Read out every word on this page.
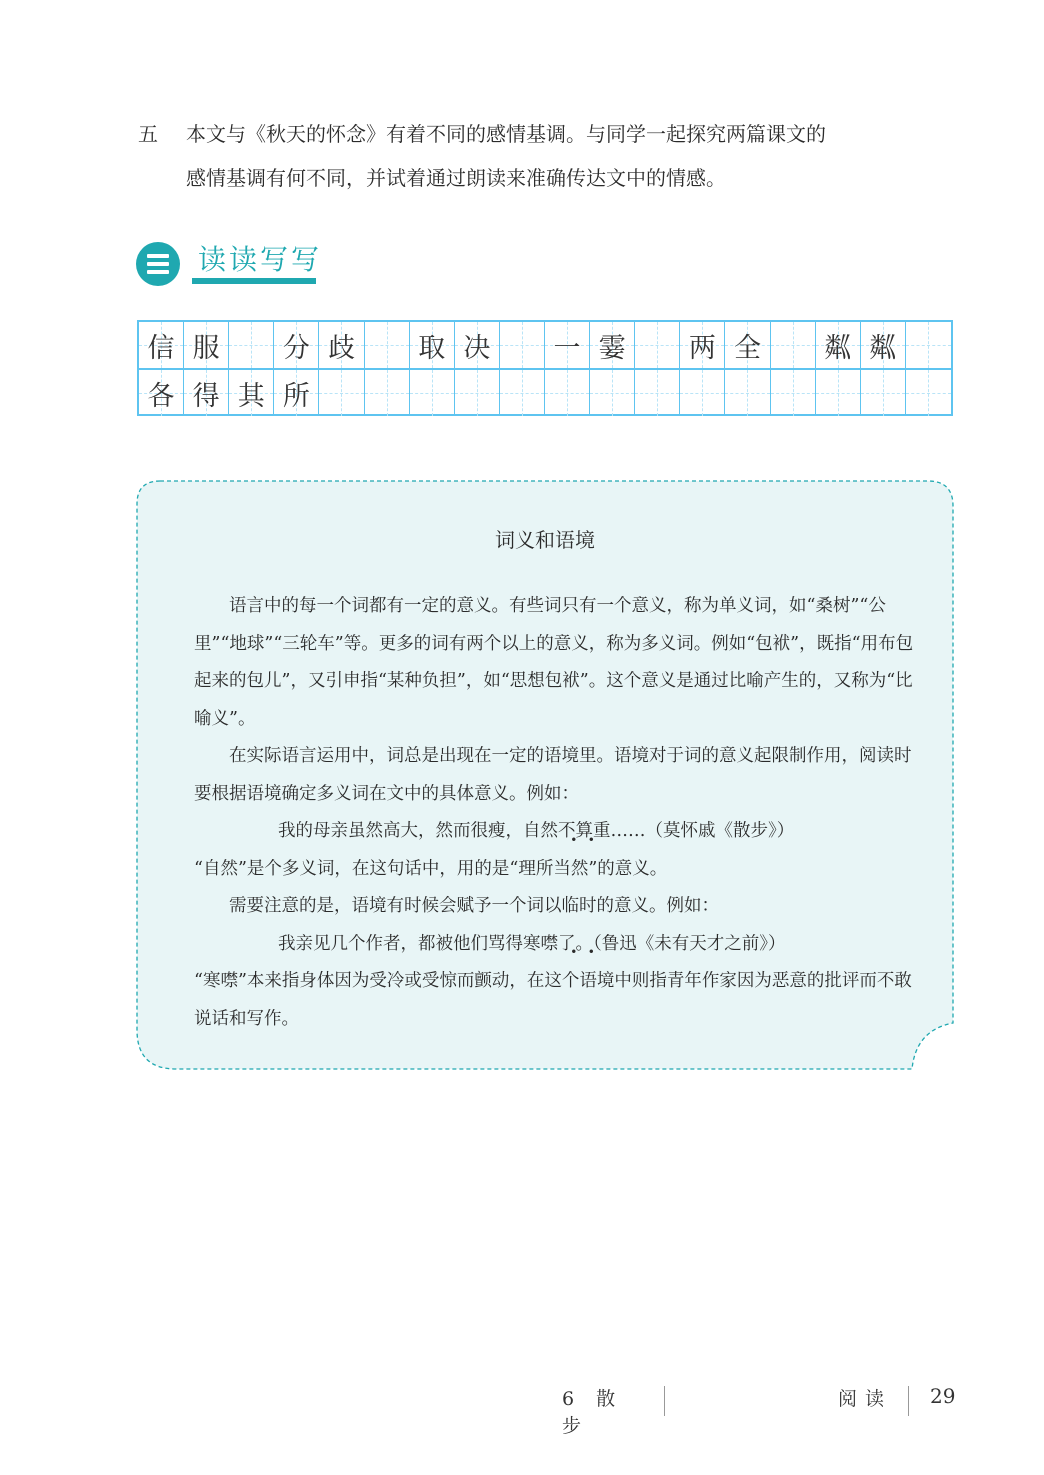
五 本文与《秋天的怀念》有着不同的感情基调。与同学一起探究两篇课文的
感情基调有何不同，并试着通过朗读来准确传达文中的情感。
读读写写
信 服 分 歧 取 决 一 霎 两 全 粼 粼
各 得 其 所
词义和语境

语言中的每一个词都有一定的意义。有些词只有一个意义，称为单义词，如“桑树”“公里”“地球”“三轮车”等。更多的词有两个以上的意义，称为多义词。例如“包袱”，既指“用布包起来的包儿”，又引申指“某种负担”，如“思想包袱”。这个意义是通过比喻产生的，又称为“比喻义”。

在实际语言运用中，词总是出现在一定的语境里。语境对于词的意义起限制作用，阅读时要根据语境确定多义词在文中的具体意义。例如：

我的母亲虽然高大，然而很瘦，自然不算重……（莫怀戚《散步》）

“自然”是个多义词，在这句话中，用的是“理所当然”的意义。

需要注意的是，语境有时候会赋予一个词以临时的意义。例如：

我亲见几个作者，都被他们骂得寒噤了。（鲁迅《未有天才之前》）

“寒噤”本来指身体因为受冷或受惊而颤动，在这个语境中则指青年作家因为恶意的批评而不敢说话和写作。

6 散 步
阅读 29
